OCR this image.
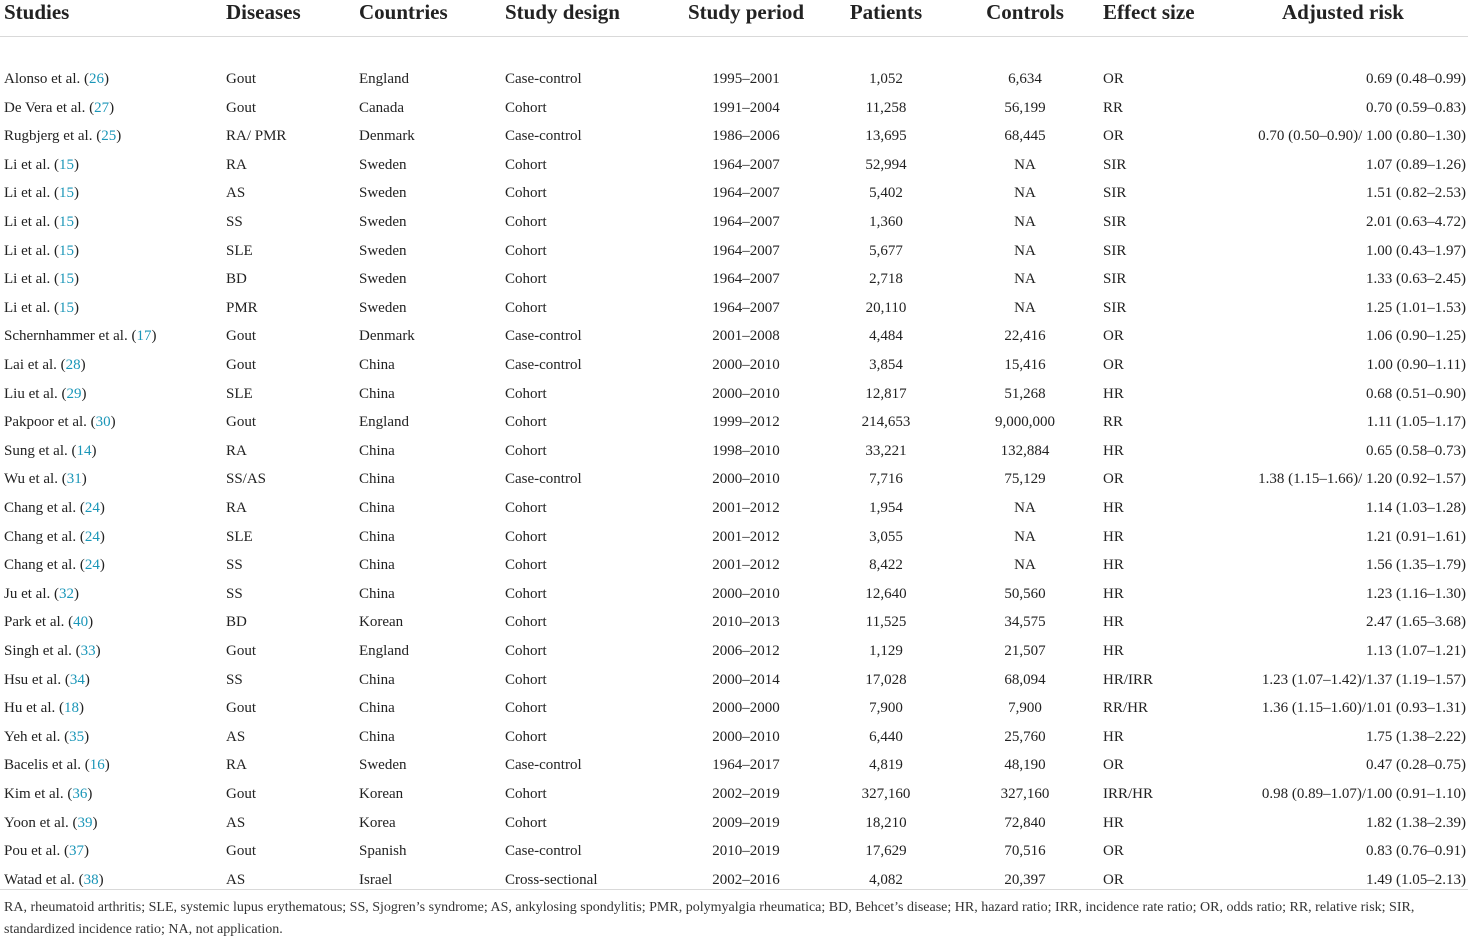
Studies	Diseases	Countries	Study design	Study period	Patients	Controls	Effect size	Adjusted risk

Alonso et al. (26)	Gout	England	Case-control	1995–2001	1,052	6,634	OR	0.69 (0.48–0.99)
De Vera et al. (27)	Gout	Canada	Cohort	1991–2004	11,258	56,199	RR	0.70 (0.59–0.83)
Rugbjerg et al. (25)	RA/ PMR	Denmark	Case-control	1986–2006	13,695	68,445	OR	0.70 (0.50–0.90)/ 1.00 (0.80–1.30)
Li et al. (15)	RA	Sweden	Cohort	1964–2007	52,994	NA	SIR	1.07 (0.89–1.26)
Li et al. (15)	AS	Sweden	Cohort	1964–2007	5,402	NA	SIR	1.51 (0.82–2.53)
Li et al. (15)	SS	Sweden	Cohort	1964–2007	1,360	NA	SIR	2.01 (0.63–4.72)
Li et al. (15)	SLE	Sweden	Cohort	1964–2007	5,677	NA	SIR	1.00 (0.43–1.97)
Li et al. (15)	BD	Sweden	Cohort	1964–2007	2,718	NA	SIR	1.33 (0.63–2.45)
Li et al. (15)	PMR	Sweden	Cohort	1964–2007	20,110	NA	SIR	1.25 (1.01–1.53)
Schernhammer et al. (17)	Gout	Denmark	Case-control	2001–2008	4,484	22,416	OR	1.06 (0.90–1.25)
Lai et al. (28)	Gout	China	Case-control	2000–2010	3,854	15,416	OR	1.00 (0.90–1.11)
Liu et al. (29)	SLE	China	Cohort	2000–2010	12,817	51,268	HR	0.68 (0.51–0.90)
Pakpoor et al. (30)	Gout	England	Cohort	1999–2012	214,653	9,000,000	RR	1.11 (1.05–1.17)
Sung et al. (14)	RA	China	Cohort	1998–2010	33,221	132,884	HR	0.65 (0.58–0.73)
Wu et al. (31)	SS/AS	China	Case-control	2000–2010	7,716	75,129	OR	1.38 (1.15–1.66)/ 1.20 (0.92–1.57)
Chang et al. (24)	RA	China	Cohort	2001–2012	1,954	NA	HR	1.14 (1.03–1.28)
Chang et al. (24)	SLE	China	Cohort	2001–2012	3,055	NA	HR	1.21 (0.91–1.61)
Chang et al. (24)	SS	China	Cohort	2001–2012	8,422	NA	HR	1.56 (1.35–1.79)
Ju et al. (32)	SS	China	Cohort	2000–2010	12,640	50,560	HR	1.23 (1.16–1.30)
Park et al. (40)	BD	Korean	Cohort	2010–2013	11,525	34,575	HR	2.47 (1.65–3.68)
Singh et al. (33)	Gout	England	Cohort	2006–2012	1,129	21,507	HR	1.13 (1.07–1.21)
Hsu et al. (34)	SS	China	Cohort	2000–2014	17,028	68,094	HR/IRR	1.23 (1.07–1.42)/1.37 (1.19–1.57)
Hu et al. (18)	Gout	China	Cohort	2000–2000	7,900	7,900	RR/HR	1.36 (1.15–1.60)/1.01 (0.93–1.31)
Yeh et al. (35)	AS	China	Cohort	2000–2010	6,440	25,760	HR	1.75 (1.38–2.22)
Bacelis et al. (16)	RA	Sweden	Case-control	1964–2017	4,819	48,190	OR	0.47 (0.28–0.75)
Kim et al. (36)	Gout	Korean	Cohort	2002–2019	327,160	327,160	IRR/HR	0.98 (0.89–1.07)/1.00 (0.91–1.10)
Yoon et al. (39)	AS	Korea	Cohort	2009–2019	18,210	72,840	HR	1.82 (1.38–2.39)
Pou et al. (37)	Gout	Spanish	Case-control	2010–2019	17,629	70,516	OR	0.83 (0.76–0.91)
Watad et al. (38)	AS	Israel	Cross-sectional	2002–2016	4,082	20,397	OR	1.49 (1.05–2.13)
RA, rheumatoid arthritis; SLE, systemic lupus erythematous; SS, Sjogren’s syndrome; AS, ankylosing spondylitis; PMR, polymyalgia rheumatica; BD, Behcet’s disease; HR, hazard ratio; IRR, incidence rate ratio; OR, odds ratio; RR, relative risk; SIR, standardized incidence ratio; NA, not application.
